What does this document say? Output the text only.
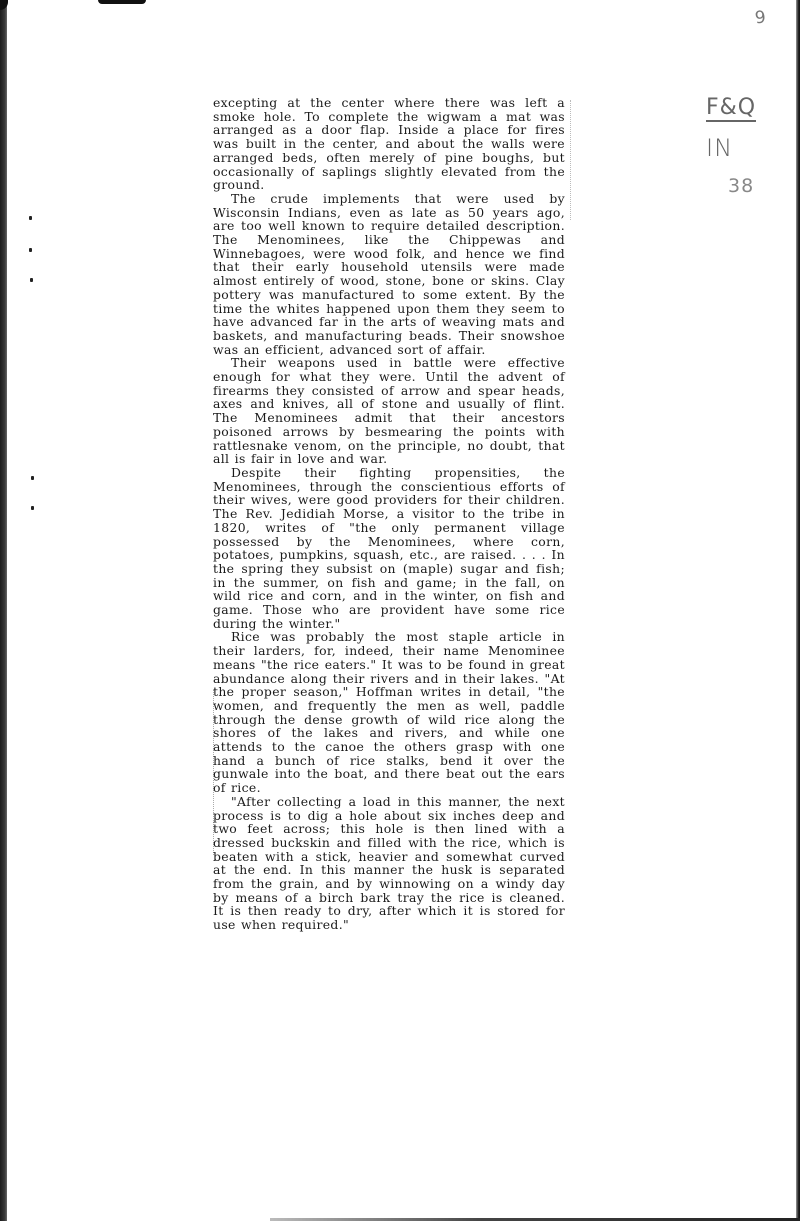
9
F&Q
IN
38

excepting at the center where there was left a smoke hole. To complete the wigwam a mat was arranged as a door flap. Inside a place for fires was built in the center, and about the walls were arranged beds, often merely of pine boughs, but occasionally of saplings slightly elevated from the ground.

The crude implements that were used by Wisconsin Indians, even as late as 50 years ago, are too well known to require detailed description. The Menominees, like the Chippewas and Winnebagoes, were wood folk, and hence we find that their early household utensils were made almost entirely of wood, stone, bone or skins. Clay pottery was manufactured to some extent. By the time the whites happened upon them they seem to have advanced far in the arts of weaving mats and baskets, and manufacturing beads. Their snowshoe was an efficient, advanced sort of affair.

Their weapons used in battle were effective enough for what they were. Until the advent of firearms they consisted of arrow and spear heads, axes and knives, all of stone and usually of flint. The Menominees admit that their ancestors poisoned arrows by besmearing the points with rattlesnake venom, on the principle, no doubt, that all is fair in love and war.

Despite their fighting propensities, the Menominees, through the conscientious efforts of their wives, were good providers for their children. The Rev. Jedidiah Morse, a visitor to the tribe in 1820, writes of "the only permanent village possessed by the Menominees, where corn, potatoes, pumpkins, squash, etc., are raised. . . . In the spring they subsist on (maple) sugar and fish; in the summer, on fish and game; in the fall, on wild rice and corn, and in the winter, on fish and game. Those who are provident have some rice during the winter."

Rice was probably the most staple article in their larders, for, indeed, their name Menominee means "the rice eaters." It was to be found in great abundance along their rivers and in their lakes. "At the proper season," Hoffman writes in detail, "the women, and frequently the men as well, paddle through the dense growth of wild rice along the shores of the lakes and rivers, and while one attends to the canoe the others grasp with one hand a bunch of rice stalks, bend it over the gunwale into the boat, and there beat out the ears of rice.

"After collecting a load in this manner, the next process is to dig a hole about six inches deep and two feet across; this hole is then lined with a dressed buckskin and filled with the rice, which is beaten with a stick, heavier and somewhat curved at the end. In this manner the husk is separated from the grain, and by winnowing on a windy day by means of a birch bark tray the rice is cleaned. It is then ready to dry, after which it is stored for use when required."
